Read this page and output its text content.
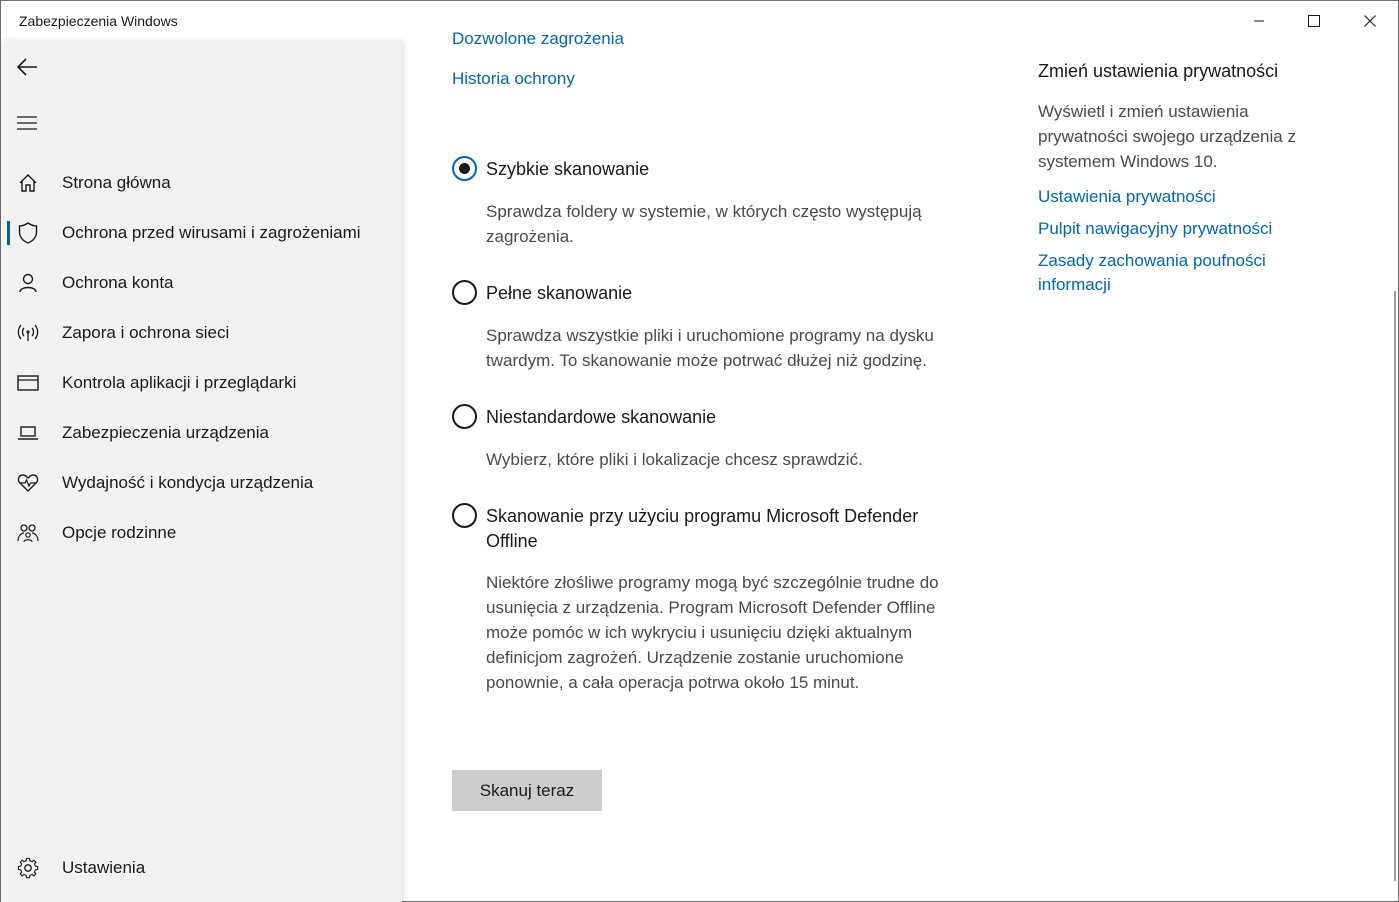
Zabezpieczenia Windows
Strona główna
Ochrona przed wirusami i zagrożeniami
Ochrona konta
Zapora i ochrona sieci
Kontrola aplikacji i przeglądarki
Zabezpieczenia urządzenia
Wydajność i kondycja urządzenia
Opcje rodzinne
Ustawienia
Dozwolone zagrożenia
Historia ochrony
Szybkie skanowanie
Sprawdza foldery w systemie, w których często występują zagrożenia.
Pełne skanowanie
Sprawdza wszystkie pliki i uruchomione programy na dysku twardym. To skanowanie może potrwać dłużej niż godzinę.
Niestandardowe skanowanie
Wybierz, które pliki i lokalizacje chcesz sprawdzić.
Skanowanie przy użyciu programu Microsoft Defender Offline
Niektóre złośliwe programy mogą być szczególnie trudne do usunięcia z urządzenia. Program Microsoft Defender Offline może pomóc w ich wykryciu i usunięciu dzięki aktualnym definicjom zagrożeń. Urządzenie zostanie uruchomione ponownie, a cała operacja potrwa około 15 minut.
Skanuj teraz
Zmień ustawienia prywatności

Wyświetl i zmień ustawienia prywatności swojego urządzenia z systemem Windows 10.

Ustawienia prywatności
Pulpit nawigacyjny prywatności
Zasady zachowania poufności informacji
